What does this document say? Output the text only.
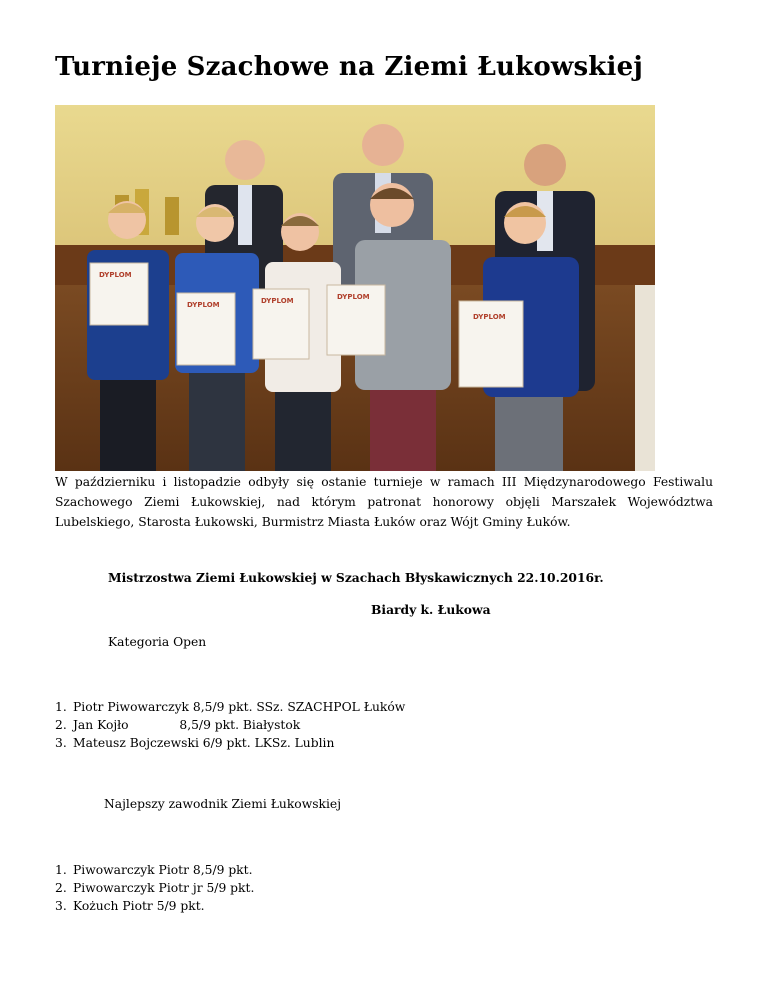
Turnieje Szachowe na Ziemi Łukowskiej
DYPLOM
DYPLOM	DYPLOM	DYPLOM
DYPLOM

W październiku i listopadzie odbyły się ostanie turnieje w ramach III Międzynarodowego Festiwalu Szachowego Ziemi Łukowskiej, nad którym patronat honorowy objęli Marszałek Województwa Lubelskiego, Starosta Łukowski, Burmistrz Miasta Łuków oraz Wójt Gminy Łuków.

Mistrzostwa Ziemi Łukowskiej w Szachach Błyskawicznych 22.10.2016r.

Biardy k. Łukowa

Kategoria Open

1. Piotr Piwowarczyk 8,5/9 pkt. SSz. SZACHPOL Łuków
2. Jan Kojło             8,5/9 pkt. Białystok
3. Mateusz Bojczewski 6/9 pkt. LKSz. Lublin

Najlepszy zawodnik Ziemi Łukowskiej

1. Piwowarczyk Piotr 8,5/9 pkt.
2. Piwowarczyk Piotr jr 5/9 pkt.
3. Kożuch Piotr 5/9 pkt.
